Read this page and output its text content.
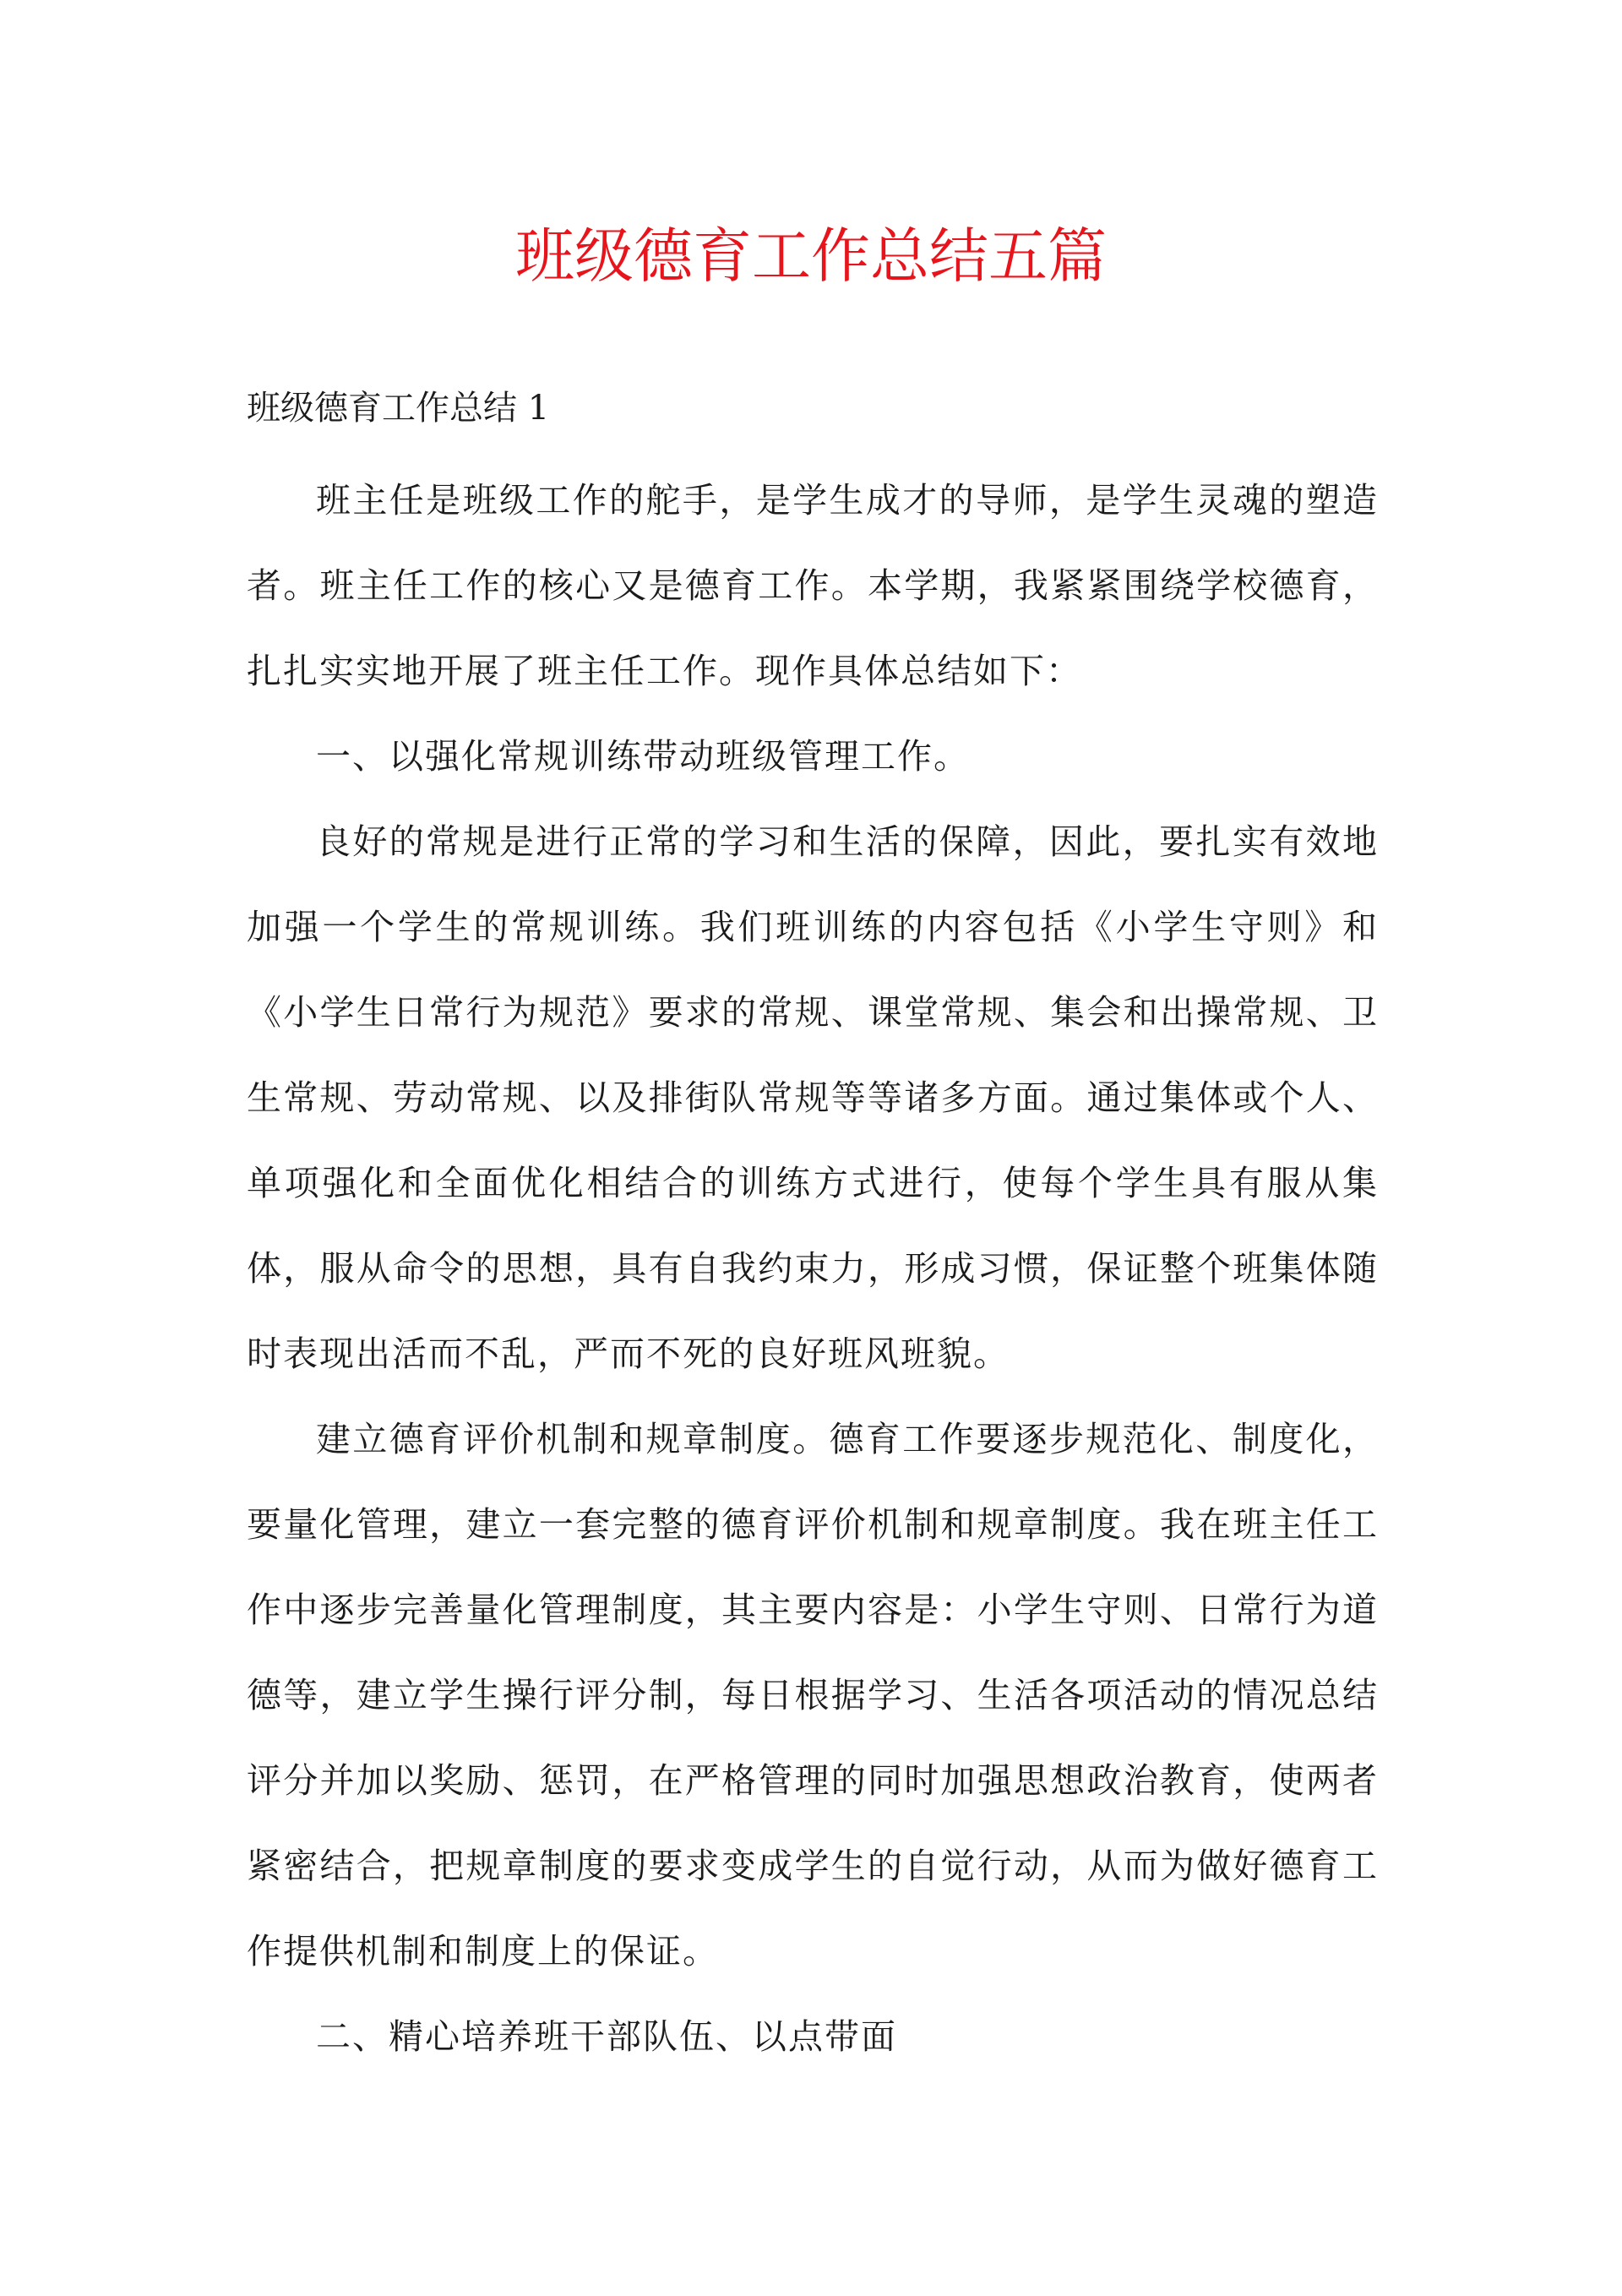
班级德育工作总结五篇
班级德育工作总结 1

班主任是班级工作的舵手，是学生成才的导师，是学生灵魂的塑造者。班主任工作的核心又是德育工作。本学期，我紧紧围绕学校德育，扎扎实实地开展了班主任工作。现作具体总结如下：

一、以强化常规训练带动班级管理工作。

良好的常规是进行正常的学习和生活的保障，因此，要扎实有效地加强一个学生的常规训练。我们班训练的内容包括《小学生守则》和《小学生日常行为规范》要求的常规、课堂常规、集会和出操常规、卫生常规、劳动常规、以及排街队常规等等诸多方面。通过集体或个人、单项强化和全面优化相结合的训练方式进行，使每个学生具有服从集体，服从命令的思想，具有自我约束力，形成习惯，保证整个班集体随时表现出活而不乱，严而不死的良好班风班貌。

建立德育评价机制和规章制度。德育工作要逐步规范化、制度化，要量化管理，建立一套完整的德育评价机制和规章制度。我在班主任工作中逐步完善量化管理制度，其主要内容是：小学生守则、日常行为道德等，建立学生操行评分制，每日根据学习、生活各项活动的情况总结评分并加以奖励、惩罚，在严格管理的同时加强思想政治教育，使两者紧密结合，把规章制度的要求变成学生的自觉行动，从而为做好德育工作提供机制和制度上的保证。

二、精心培养班干部队伍、以点带面
